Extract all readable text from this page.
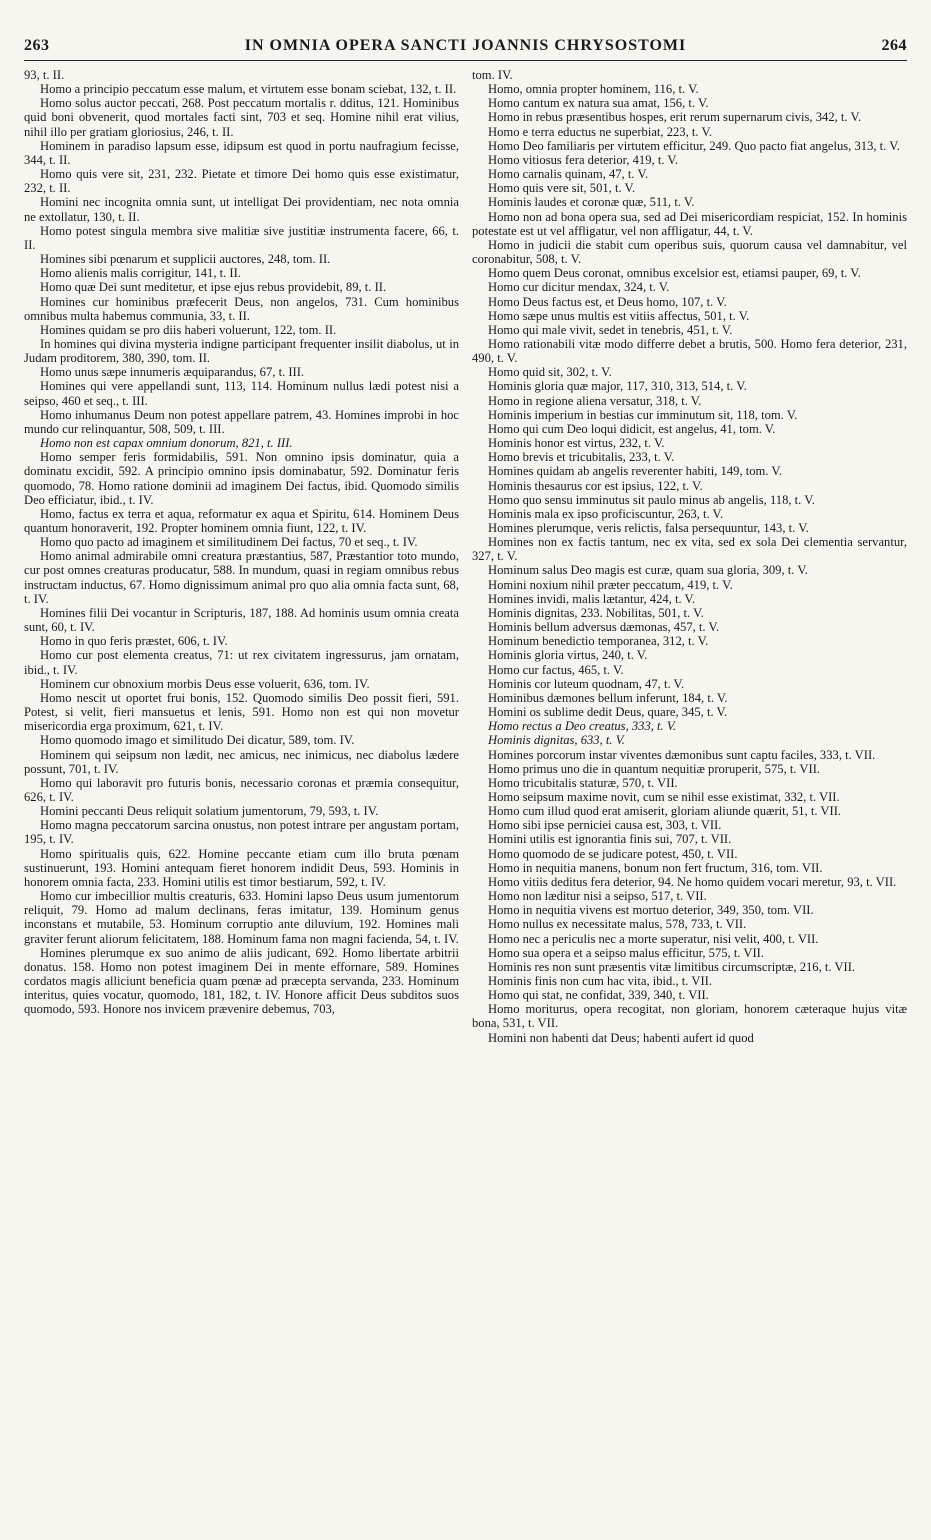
263	IN OMNIA OPERA SANCTI JOANNIS CHRYSOSTOMI	264

93, t. II.

Homo a principio peccatum esse malum, et virtutem esse bonam sciebat, 132, t. II.

Homo solus auctor peccati, 268. Post peccatum mortalis r. dditus, 121. Hominibus quid boni obvenerit, quod mortales facti sint, 703 et seq. Homine nihil erat vilius, nihil illo per gratiam gloriosius, 246, t. II.

Hominem in paradiso lapsum esse, idipsum est quod in portu naufragium fecisse, 344, t. II.

Homo quis vere sit, 231, 232. Pietate et timore Dei homo quis esse existimatur, 232, t. II.

Homini nec incognita omnia sunt, ut intelligat Dei providentiam, nec nota omnia ne extollatur, 130, t. II.

Homo potest singula membra sive malitiæ sive justitiæ instrumenta facere, 66, t. II.

Homines sibi pœnarum et supplicii auctores, 248, tom. II.

Homo alienis malis corrigitur, 141, t. II.

Homo quæ Dei sunt meditetur, et ipse ejus rebus providebit, 89, t. II.

Homines cur hominibus præfecerit Deus, non angelos, 731. Cum hominibus omnibus multa habemus communia, 33, t. II.

Homines quidam se pro diis haberi voluerunt, 122, tom. II.

In homines qui divina mysteria indigne participant frequenter insilit diabolus, ut in Judam proditorem, 380, 390, tom. II.

Homo unus sæpe innumeris æquiparandus, 67, t. III.

Homines qui vere appellandi sunt, 113, 114. Hominum nullus lædi potest nisi a seipso, 460 et seq., t. III.

Homo inhumanus Deum non potest appellare patrem, 43. Homines improbi in hoc mundo cur relinquantur, 508, 509, t. III.

Homo non est capax omnium donorum, 821, t. III.

Homo semper feris formidabilis, 591. Non omnino ipsis dominatur, quia a dominatu excidit, 592. A principio omnino ipsis dominabatur, 592. Dominatur feris quomodo, 78. Homo ratione dominii ad imaginem Dei factus, ibid. Quomodo similis Deo efficiatur, ibid., t. IV.

Homo, factus ex terra et aqua, reformatur ex aqua et Spiritu, 614. Hominem Deus quantum honoraverit, 192. Propter hominem omnia fiunt, 122, t. IV.

Homo quo pacto ad imaginem et similitudinem Dei factus, 70 et seq., t. IV.

Homo animal admirabile omni creatura præstantius, 587, Præstantior toto mundo, cur post omnes creaturas producatur, 588. In mundum, quasi in regiam omnibus rebus instructam inductus, 67. Homo dignissimum animal pro quo alia omnia facta sunt, 68, t. IV.

Homines filii Dei vocantur in Scripturis, 187, 188. Ad hominis usum omnia creata sunt, 60, t. IV.

Homo in quo feris præstet, 606, t. IV.

Homo cur post elementa creatus, 71: ut rex civitatem ingressurus, jam ornatam, ibid., t. IV.

Hominem cur obnoxium morbis Deus esse voluerit, 636, tom. IV.

Homo nescit ut oportet frui bonis, 152. Quomodo similis Deo possit fieri, 591. Potest, si velit, fieri mansuetus et lenis, 591. Homo non est qui non movetur misericordia erga proximum, 621, t. IV.

Homo quomodo imago et similitudo Dei dicatur, 589, tom. IV.

Hominem qui seipsum non lædit, nec amicus, nec inimicus, nec diabolus lædere possunt, 701, t. IV.

Homo qui laboravit pro futuris bonis, necessario coronas et præmia consequitur, 626, t. IV.

Homini peccanti Deus reliquit solatium jumentorum, 79, 593, t. IV.

Homo magna peccatorum sarcina onustus, non potest intrare per angustam portam, 195, t. IV.

Homo spiritualis quis, 622. Homine peccante etiam cum illo bruta pœnam sustinuerunt, 193. Homini antequam fieret honorem indidit Deus, 593. Hominis in honorem omnia facta, 233. Homini utilis est timor bestiarum, 592, t. IV.

Homo cur imbecillior multis creaturis, 633. Homini lapso Deus usum jumentorum reliquit, 79. Homo ad malum declinans, feras imitatur, 139. Hominum genus inconstans et mutabile, 53. Hominum corruptio ante diluvium, 192. Homines mali graviter ferunt aliorum felicitatem, 188. Hominum fama non magni facienda, 54, t. IV.

Homines plerumque ex suo animo de aliis judicant, 692. Homo libertate arbitrii donatus. 158. Homo non potest imaginem Dei in mente effornare, 589. Homines cordatos magis alliciunt beneficia quam pœnæ ad præcepta servanda, 233. Hominum interitus, quies vocatur, quomodo, 181, 182, t. IV. Honore afficit Deus subditos suos quomodo, 593. Honore nos invicem prævenire debemus, 703,

tom. IV.

Homo, omnia propter hominem, 116, t. V.

Homo cantum ex natura sua amat, 156, t. V.

Homo in rebus præsentibus hospes, erit rerum supernarum civis, 342, t. V.

Homo e terra eductus ne superbiat, 223, t. V.

Homo Deo familiaris per virtutem efficitur, 249. Quo pacto fiat angelus, 313, t. V.

Homo vitiosus fera deterior, 419, t. V.

Homo carnalis quinam, 47, t. V.

Homo quis vere sit, 501, t. V.

Hominis laudes et coronæ quæ, 511, t. V.

Homo non ad bona opera sua, sed ad Dei misericordiam respiciat, 152. In hominis potestate est ut vel affligatur, vel non affligatur, 44, t. V.

Homo in judicii die stabit cum operibus suis, quorum causa vel damnabitur, vel coronabitur, 508, t. V.

Homo quem Deus coronat, omnibus excelsior est, etiamsi pauper, 69, t. V.

Homo cur dicitur mendax, 324, t. V.

Homo Deus factus est, et Deus homo, 107, t. V.

Homo sæpe unus multis est vitiis affectus, 501, t. V.

Homo qui male vivit, sedet in tenebris, 451, t. V.

Homo rationabili vitæ modo differre debet a brutis, 500. Homo fera deterior, 231, 490, t. V.

Homo quid sit, 302, t. V.

Hominis gloria quæ major, 117, 310, 313, 514, t. V.

Homo in regione aliena versatur, 318, t. V.

Hominis imperium in bestias cur imminutum sit, 118, tom. V.

Homo qui cum Deo loqui didicit, est angelus, 41, tom. V.

Hominis honor est virtus, 232, t. V.

Homo brevis et tricubitalis, 233, t. V.

Homines quidam ab angelis reverenter habiti, 149, tom. V.

Hominis thesaurus cor est ipsius, 122, t. V.

Homo quo sensu imminutus sit paulo minus ab angelis, 118, t. V.

Hominis mala ex ipso proficiscuntur, 263, t. V.

Homines plerumque, veris relictis, falsa persequuntur, 143, t. V.

Homines non ex factis tantum, nec ex vita, sed ex sola Dei clementia servantur, 327, t. V.

Hominum salus Deo magis est curæ, quam sua gloria, 309, t. V.

Homini noxium nihil præter peccatum, 419, t. V.

Homines invidi, malis lætantur, 424, t. V.

Hominis dignitas, 233. Nobilitas, 501, t. V.

Hominis bellum adversus dæmonas, 457, t. V.

Hominum benedictio temporanea, 312, t. V.

Hominis gloria virtus, 240, t. V.

Homo cur factus, 465, t. V.

Hominis cor luteum quodnam, 47, t. V.

Hominibus dæmones bellum inferunt, 184, t. V.

Homini os sublime dedit Deus, quare, 345, t. V.

Homo rectus a Deo creatus, 333, t. V.

Hominis dignitas, 633, t. V.

Homines porcorum instar viventes dæmonibus sunt captu faciles, 333, t. VII.

Homo primus uno die in quantum nequitiæ proruperit, 575, t. VII.

Homo tricubitalis staturæ, 570, t. VII.

Homo seipsum maxime novit, cum se nihil esse existimat, 332, t. VII.

Homo cum illud quod erat amiserit, gloriam aliunde quærit, 51, t. VII.

Homo sibi ipse perniciei causa est, 303, t. VII.

Homini utilis est ignorantia finis sui, 707, t. VII.

Homo quomodo de se judicare potest, 450, t. VII.

Homo in nequitia manens, bonum non fert fructum, 316, tom. VII.

Homo vitiis deditus fera deterior, 94. Ne homo quidem vocari meretur, 93, t. VII.

Homo non læditur nisi a seipso, 517, t. VII.

Homo in nequitia vivens est mortuo deterior, 349, 350, tom. VII.

Homo nullus ex necessitate malus, 578, 733, t. VII.

Homo nec a periculis nec a morte superatur, nisi velit, 400, t. VII.

Homo sua opera et a seipso malus efficitur, 575, t. VII.

Hominis res non sunt præsentis vitæ limitibus circumscriptæ, 216, t. VII.

Hominis finis non cum hac vita, ibid., t. VII.

Homo qui stat, ne confidat, 339, 340, t. VII.

Homo moriturus, opera recogitat, non gloriam, honorem cæteraque hujus vitæ bona, 531, t. VII.

Homini non habenti dat Deus; habenti aufert id quod
